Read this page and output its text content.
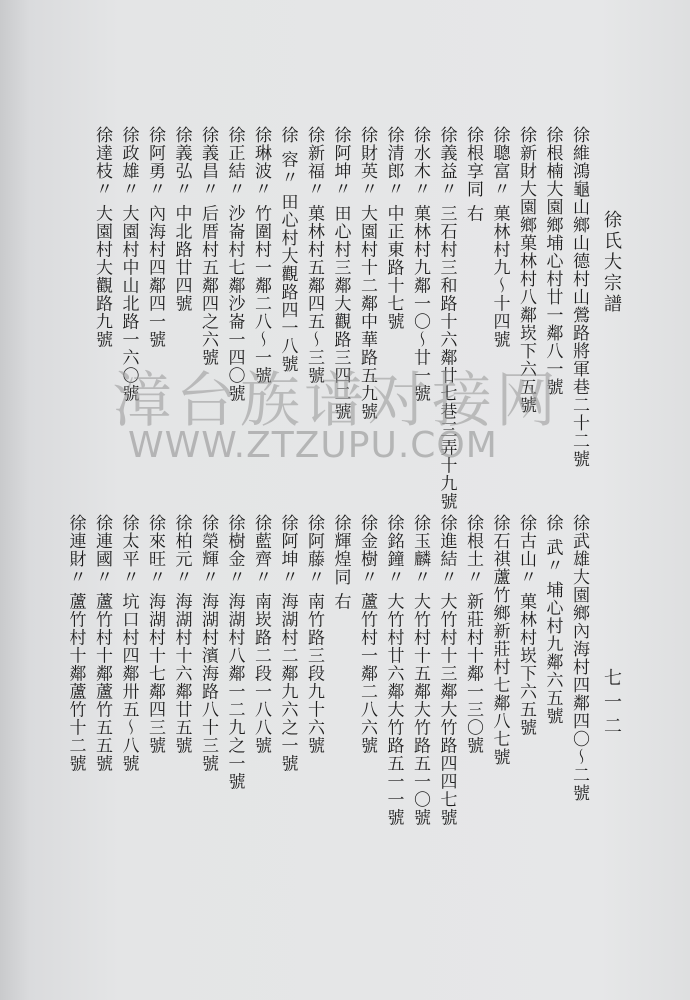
徐氏大宗譜
七一二
徐維鴻龜山鄉山德村山鶯路將軍巷二十二號
徐根楠大園鄉埔心村廿一鄰八一號
徐新財大園鄉菓林村八鄰崁下六五號
徐聰富〃 菓林村九～十四號
徐根享同 右
徐義益〃 三石村三和路十六鄰廿七巷三弄十九號
徐水木〃 菓林村九鄰一〇～廿一號
徐清郎〃 中正東路十七號
徐財英〃 大園村十二鄰中華路五九號
徐阿坤〃 田心村三鄰大觀路三四二號
徐新福〃 菓林村五鄰四五～三號
徐 容〃 田心村大觀路四一八號
徐琳波〃 竹圍村一鄰二八～一號
徐正結〃 沙崙村七鄰沙崙一四〇號
徐義昌〃 后厝村五鄰四之六號
徐義弘〃 中北路廿四號
徐阿勇〃 內海村四鄰四一號
徐政雄〃 大園村中山北路一六〇號
徐達枝〃 大園村大觀路九號
徐武雄大園鄉內海村四鄰四〇～二號
徐 武〃 埔心村九鄰六五號
徐古山〃 菓林村崁下六五號
徐石祺蘆竹鄉新莊村七鄰八七號
徐根土〃 新莊村十鄰一三〇號
徐進結〃 大竹村十三鄰大竹路四四七號
徐玉麟〃 大竹村十五鄰大竹路五一〇號
徐銘鐘〃 大竹村廿六鄰大竹路五一一號
徐金樹〃 蘆竹村一鄰二八六號
徐輝煌同 右
徐阿藤〃 南竹路三段九十六號
徐阿坤〃 海湖村二鄰九六之一號
徐藍齊〃 南崁路二段一八八號
徐樹金〃 海湖村八鄰一二九之一號
徐榮輝〃 海湖村濱海路八十三號
徐柏元〃 海湖村十六鄰廿五號
徐來旺〃 海湖村十七鄰四三號
徐太平〃 坑口村四鄰卅五～八號
徐連國〃 蘆竹村十鄰蘆竹五五號
徐連財〃 蘆竹村十鄰蘆竹十二號
漳台族谱对接网
WWW.ZTZUPU.COM
